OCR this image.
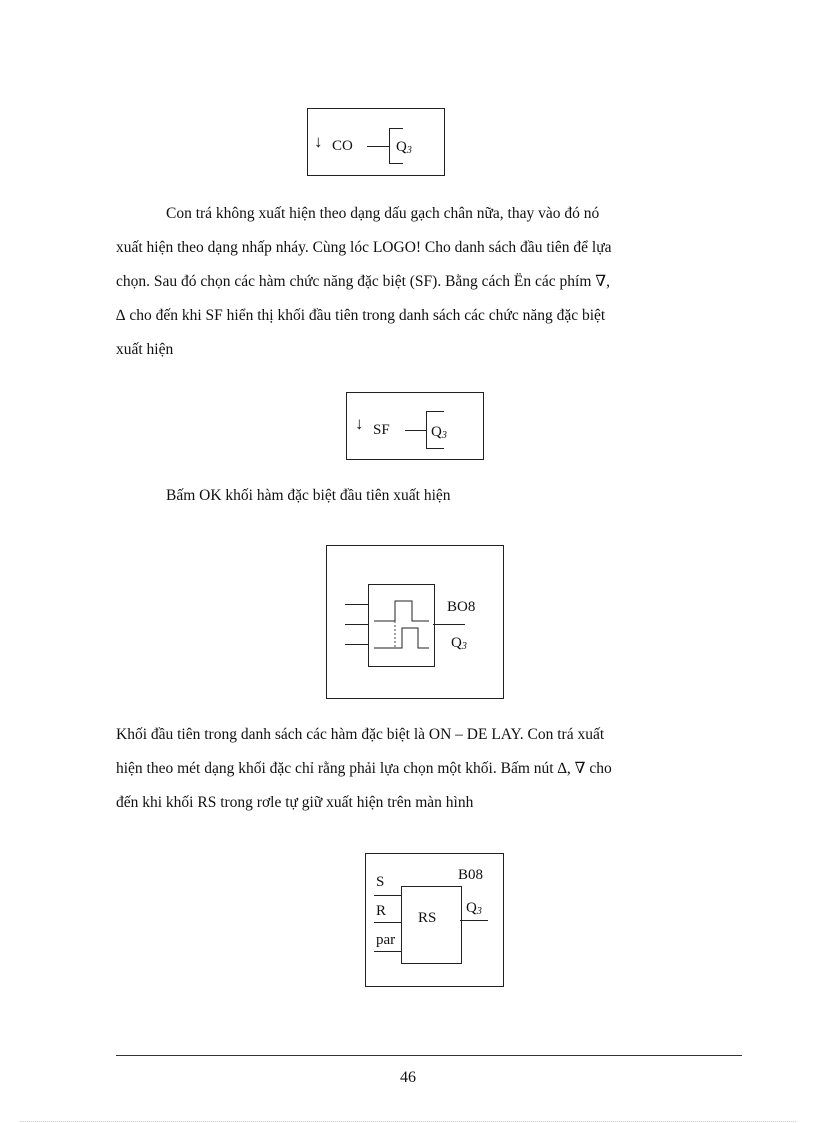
↓ CO	$Q_3$

Con trá không xuất hiện theo dạng dấu gạch chân nữa, thay vào đó nó
xuất hiện theo dạng nhấp nháy. Cùng lóc LOGO! Cho danh sách đầu tiên để lựa
chọn. Sau đó chọn các hàm chức năng đặc biệt (SF). Bằng cách Ën các phím ∇,
∆ cho đến khi SF hiển thị khối đầu tiên trong danh sách các chức năng đặc biệt
xuất hiện

↓ SF	$Q_3$

Bấm OK khối hàm đặc biệt đầu tiên xuất hiện

BO8
$Q_3$

Khối đầu tiên trong danh sách các hàm đặc biệt là ON – DE LAY. Con trá xuất
hiện theo mét dạng khối đặc chỉ rằng phải lựa chọn một khối. Bấm nút ∆, ∇ cho
đến khi khối RS trong rơle tự giữ xuất hiện trên màn hình

S
R
par
RS
B08
$Q_3$
46
